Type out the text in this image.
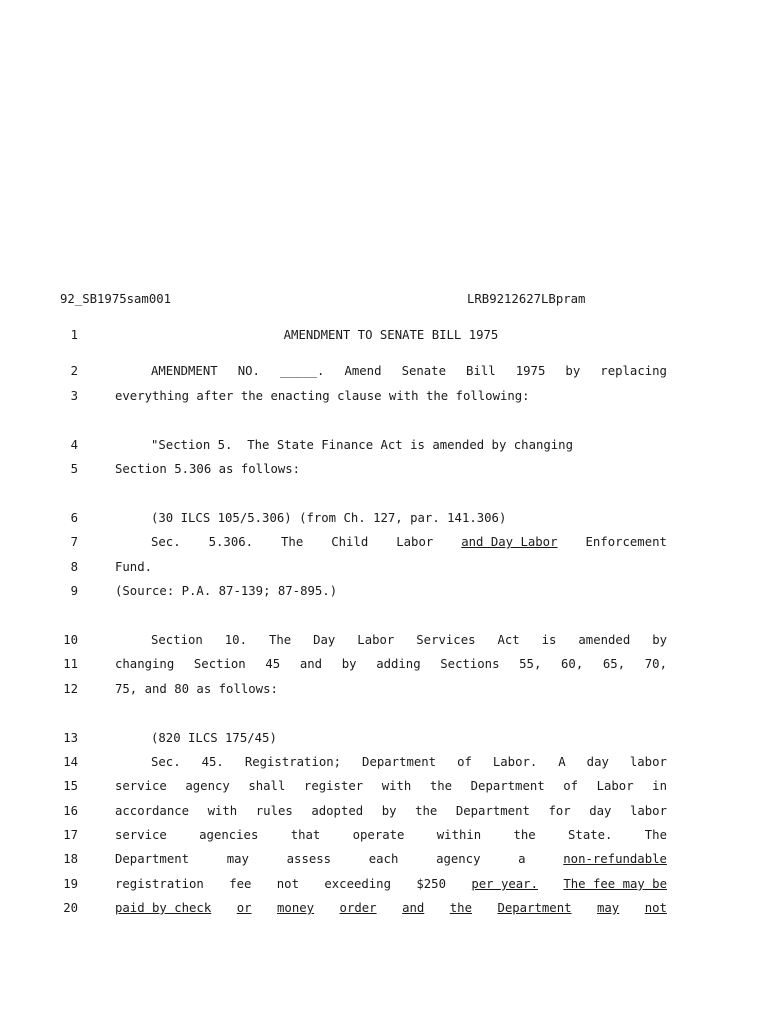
92_SB1975sam001	LRB9212627LBpram
1	AMENDMENT TO SENATE BILL 1975
2	AMENDMENT NO. _____. Amend Senate Bill 1975 by replacing
3	everything after the enacting clause with the following:
4	"Section 5.  The State Finance Act is amended by changing
5	Section 5.306 as follows:
6	(30 ILCS 105/5.306) (from Ch. 127, par. 141.306)
7	Sec. 5.306. The Child Labor and Day Labor Enforcement
8	Fund.
9	(Source: P.A. 87-139; 87-895.)
10	Section 10. The Day Labor Services Act is amended by
11	changing Section 45 and by adding Sections 55, 60, 65, 70,
12	75, and 80 as follows:
13	(820 ILCS 175/45)
14	Sec. 45. Registration; Department of Labor. A day labor
15	service agency shall register with the Department of Labor in
16	accordance with rules adopted by the Department for day labor
17	service	agencies	that	operate	within	the	State.	The
18	Department	may	assess	each	agency	a	non-refundable
19	registration fee not exceeding $250 per year. The fee may be
20	paid by check or money order and the Department may not
